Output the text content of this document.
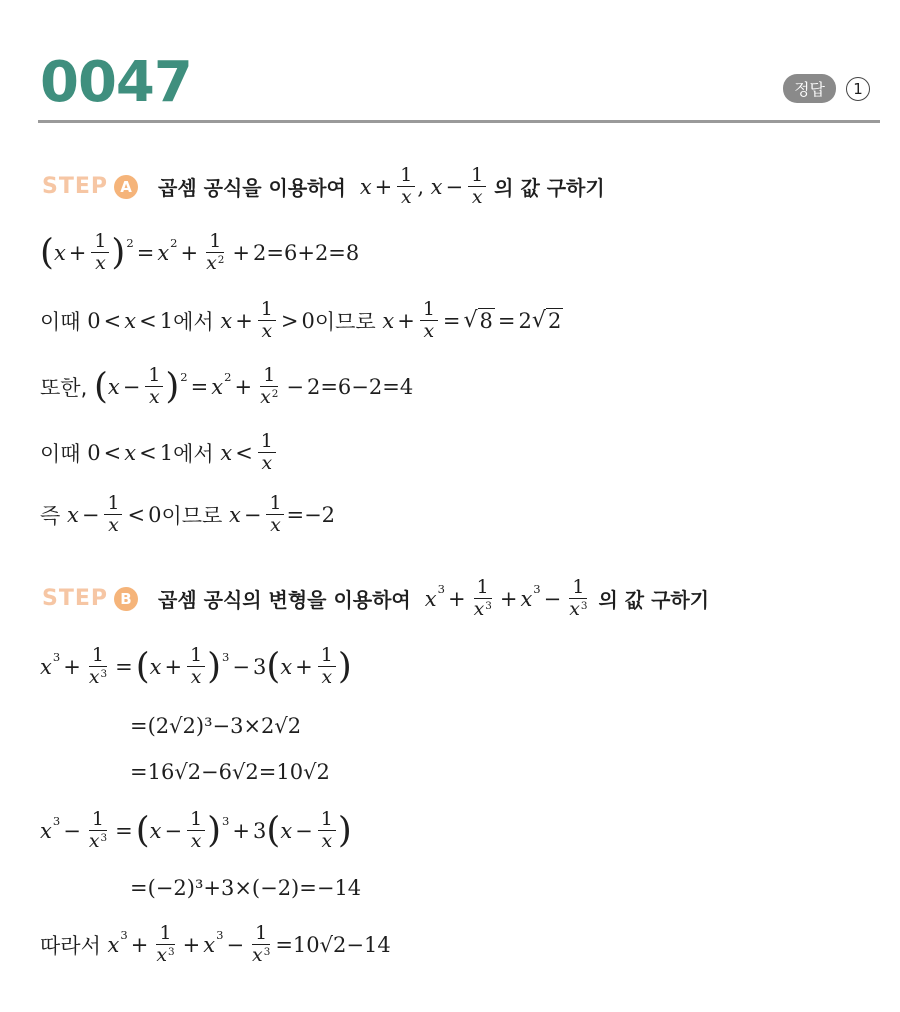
0047	정답	1
STEP A	곱셈 공식을 이용하여 $x + \frac{1}{x}$ , $x - \frac{1}{x}$ 의 값 구하기
( $x + \frac{1}{x}$ ) 2 = x $2 + \frac{1}{x^2} + 2 =6+2=8$
이때
0 < x < 1 에서
$x + \frac{1}{x} > 0$ 이므로
$x + \frac{1}{x}$ = √ 8 = 2 √ 2
또한,
( $x - \frac{1}{x}$ ) 2 = x $2 + \frac{1}{x^2} - 2 =6-2=4$
이때
0 < x < 1 에서
$x < \frac{1}{x}$
즉
$x - \frac{1}{x} < 0$ 이므로
$x - \frac{1}{x} =-2$
STEP B	곱셈 공식의 변형을 이용하여 x $3 + \frac{1}{x^3} + x$ $3 - \frac{1}{x^3}$ 의 값 구하기
x $3 + \frac{1}{x^3}$ = ( $x + \frac{1}{x}$ ) 3 − 3 ( $x + \frac{1}{x}$ )
=(2√2)³−3×2√2
=16√2−6√2=10√2
x $3 - \frac{1}{x^3}$ = ( $x - \frac{1}{x}$ ) 3 + 3 ( $x - \frac{1}{x}$ )
=(−2)³+3×(−2)=−14
따라서
x $3 + \frac{1}{x^3} + x$ $3 - \frac{1}{x^3} =10√2-14$
